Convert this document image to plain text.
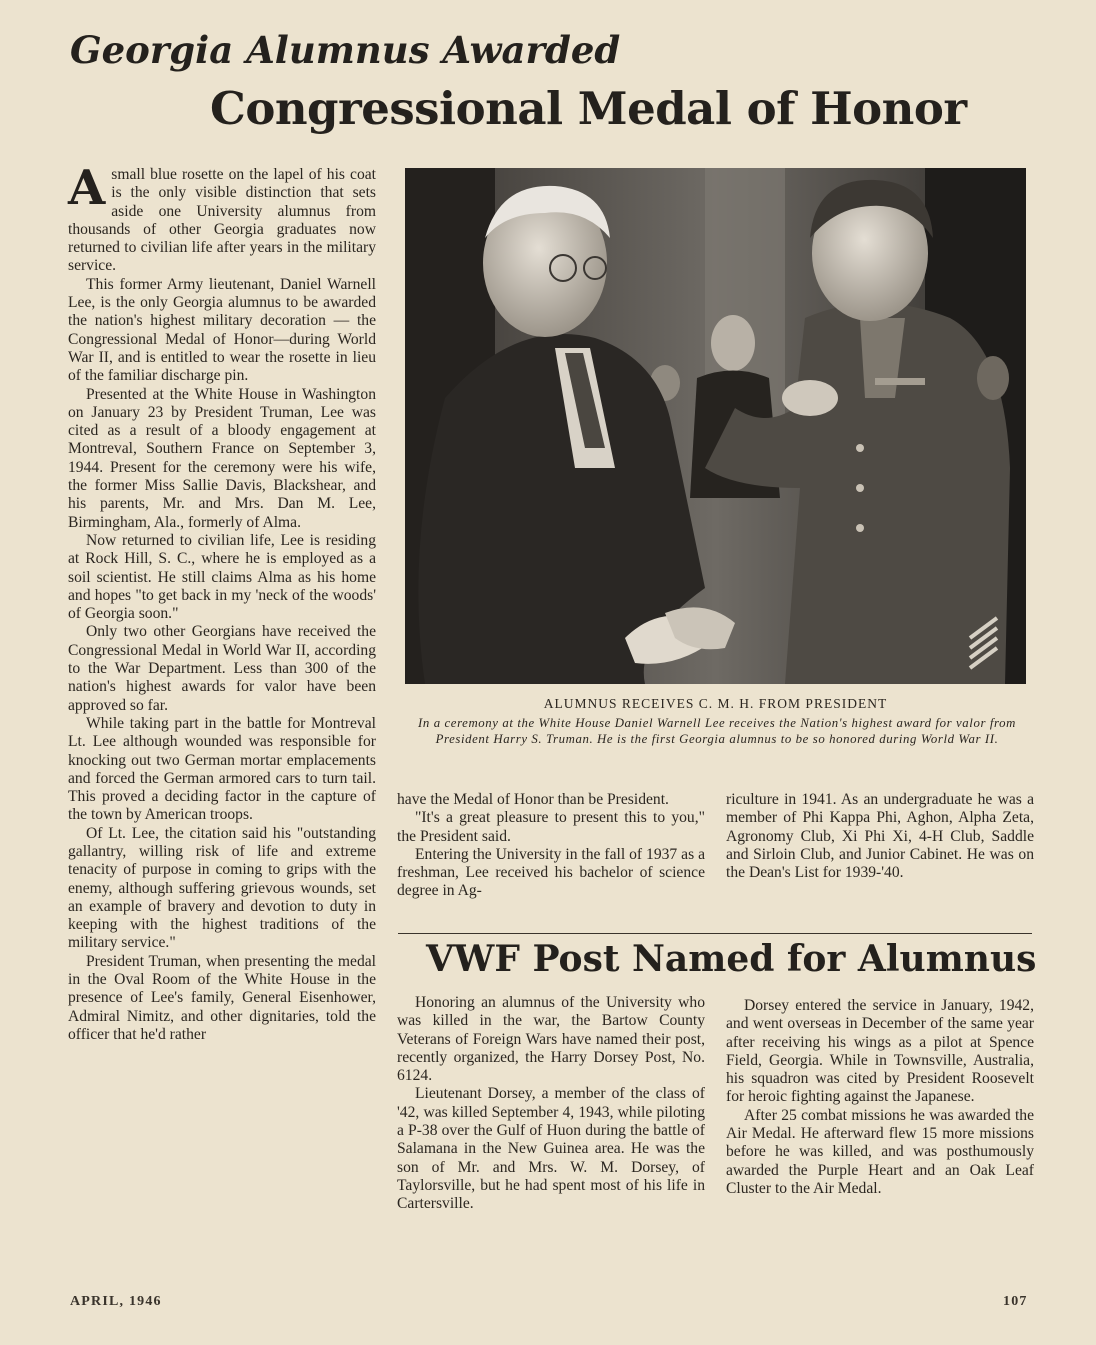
Georgia Alumnus Awarded
Congressional Medal of Honor

Asmall blue rosette on the lapel of his coat is the only visible distinction that sets aside one University alumnus from thousands of other Georgia graduates now returned to civilian life after years in the military service.

This former Army lieutenant, Daniel Warnell Lee, is the only Georgia alumnus to be awarded the nation's highest military decoration — the Congressional Medal of Honor—during World War II, and is entitled to wear the rosette in lieu of the familiar discharge pin.

Presented at the White House in Washington on January 23 by President Truman, Lee was cited as a result of a bloody engagement at Montreval, Southern France on September 3, 1944. Present for the ceremony were his wife, the former Miss Sallie Davis, Blackshear, and his parents, Mr. and Mrs. Dan M. Lee, Birmingham, Ala., formerly of Alma.

Now returned to civilian life, Lee is residing at Rock Hill, S. C., where he is employed as a soil scientist. He still claims Alma as his home and hopes "to get back in my 'neck of the woods' of Georgia soon."

Only two other Georgians have received the Congressional Medal in World War II, according to the War Department. Less than 300 of the nation's highest awards for valor have been approved so far.

While taking part in the battle for Montreval Lt. Lee although wounded was responsible for knocking out two German mortar emplacements and forced the German armored cars to turn tail. This proved a deciding factor in the capture of the town by American troops.

Of Lt. Lee, the citation said his "outstanding gallantry, willing risk of life and extreme tenacity of purpose in coming to grips with the enemy, although suffering grievous wounds, set an example of bravery and devotion to duty in keeping with the highest traditions of the military service."

President Truman, when presenting the medal in the Oval Room of the White House in the presence of Lee's family, General Eisenhower, Admiral Nimitz, and other dignitaries, told the officer that he'd rather

ALUMNUS RECEIVES C. M. H. FROM PRESIDENT

In a ceremony at the White House Daniel Warnell Lee receives the Nation's highest award for valor from President Harry S. Truman. He is the first Georgia alumnus to be so honored during World War II.

have the Medal of Honor than be President.

"It's a great pleasure to present this to you," the President said.

Entering the University in the fall of 1937 as a freshman, Lee received his bachelor of science degree in Ag-

riculture in 1941. As an undergraduate he was a member of Phi Kappa Phi, Aghon, Alpha Zeta, Agronomy Club, Xi Phi Xi, 4-H Club, Saddle and Sirloin Club, and Junior Cabinet. He was on the Dean's List for 1939-'40.

VWF Post Named for Alumnus

Honoring an alumnus of the University who was killed in the war, the Bartow County Veterans of Foreign Wars have named their post, recently organized, the Harry Dorsey Post, No. 6124.

Lieutenant Dorsey, a member of the class of '42, was killed September 4, 1943, while piloting a P-38 over the Gulf of Huon during the battle of Salamana in the New Guinea area. He was the son of Mr. and Mrs. W. M. Dorsey, of Taylorsville, but he had spent most of his life in Cartersville.

Dorsey entered the service in January, 1942, and went overseas in December of the same year after receiving his wings as a pilot at Spence Field, Georgia. While in Townsville, Australia, his squadron was cited by President Roosevelt for heroic fighting against the Japanese.

After 25 combat missions he was awarded the Air Medal. He afterward flew 15 more missions before he was killed, and was posthumously awarded the Purple Heart and an Oak Leaf Cluster to the Air Medal.

APRIL, 1946	107
